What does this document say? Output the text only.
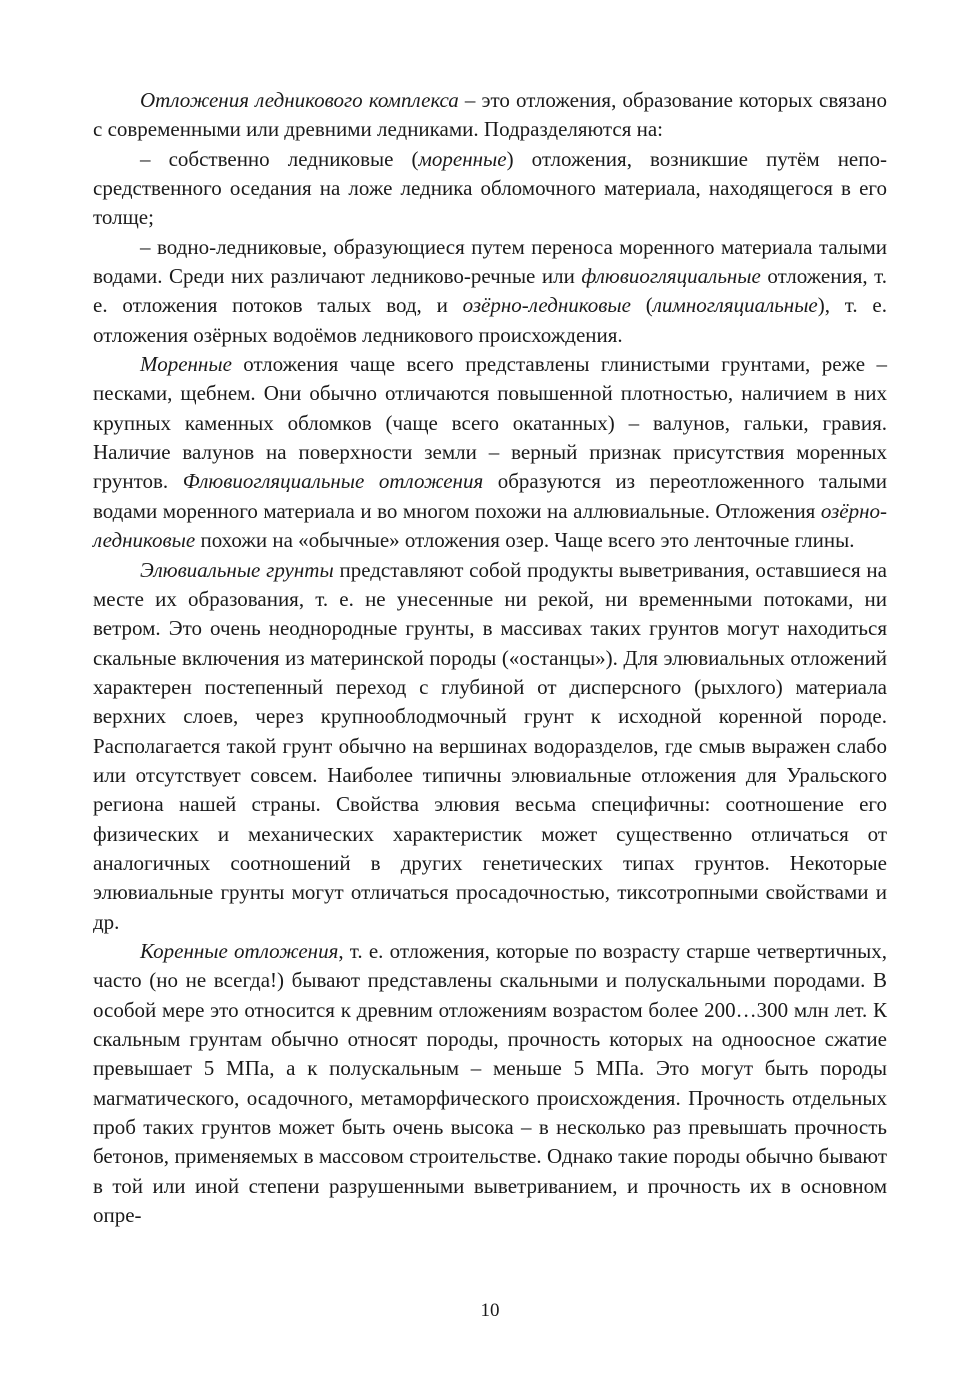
Отложения ледникового комплекса – это отложения, образование которых связано с современными или древними ледниками. Подразделяются на:

– собственно ледниковые (моренные) отложения, возникшие путём непосредственного оседания на ложе ледника обломочного материала, находящегося в его толще;

– водно-ледниковые, образующиеся путем переноса моренного материала талыми водами. Среди них различают ледниково-речные или флювиогляциальные отложения, т. е. отложения потоков талых вод, и озёрно-ледниковые (лимногляциальные), т. е. отложения озёрных водоёмов ледникового происхождения.

Моренные отложения чаще всего представлены глинистыми грунтами, реже – песками, щебнем. Они обычно отличаются повышенной плотностью, наличием в них крупных каменных обломков (чаще всего окатанных) – валунов, гальки, гравия. Наличие валунов на поверхности земли – верный признак присутствия моренных грунтов. Флювиогляциальные отложения образуются из переотложенного талыми водами моренного материала и во многом похожи на аллювиальные. Отложения озёрно-ледниковые похожи на «обычные» отложения озер. Чаще всего это ленточные глины.

Элювиальные грунты представляют собой продукты выветривания, оставшиеся на месте их образования, т. е. не унесенные ни рекой, ни временными потоками, ни ветром. Это очень неоднородные грунты, в массивах таких грунтов могут находиться скальные включения из материнской породы («останцы»). Для элювиальных отложений характерен постепенный переход с глубиной от дисперсного (рыхлого) материала верхних слоев, через крупнооблодмочный грунт к исходной коренной породе. Располагается такой грунт обычно на вершинах водоразделов, где смыв выражен слабо или отсутствует совсем. Наиболее типичны элювиальные отложения для Уральского региона нашей страны. Свойства элювия весьма специфичны: соотношение его физических и механических характеристик может существенно отличаться от аналогичных соотношений в других генетических типах грунтов. Некоторые элювиальные грунты могут отличаться просадочностью, тиксотропными свойствами и др.

Коренные отложения, т. е. отложения, которые по возрасту старше четвертичных, часто (но не всегда!) бывают представлены скальными и полускальными породами. В особой мере это относится к древним отложениям возрастом более 200…300 млн лет. К скальным грунтам обычно относят породы, прочность которых на одноосное сжатие превышает 5 МПа, а к полускальным – меньше 5 МПа. Это могут быть породы магматического, осадочного, метаморфического происхождения. Прочность отдельных проб таких грунтов может быть очень высока – в несколько раз превышать прочность бетонов, применяемых в массовом строительстве. Однако такие породы обычно бывают в той или иной степени разрушенными выветриванием, и прочность их в основном опре-

10
